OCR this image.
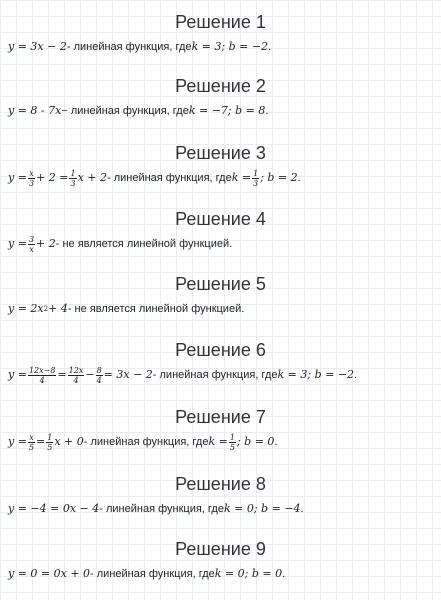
Решение 1
y = 3x − 2 - линейная функция, где k = 3; b = −2 .
Решение 2
y = 8 - 7x − линейная функция, где k = −7; b = 8 .
Решение 3
$y = \frac{x}{3} + 2 = \frac{1}{3}$ x + 2 - линейная функция, где $k = \frac{1}{3}$ ; b = 2 .
Решение 4
$y = \frac{3}{x} + 2$ - не является линейной функцией.
Решение 5
y = 2x 2 + 4 - не является линейной функцией.
Решение 6
$y = \frac{12x-8}{4} = \frac{12x}{4} - \frac{8}{4} = 3x - 2$ - линейная функция, где k = 3; b = −2 .
Решение 7
$y = \frac{x}{5} = \frac{1}{5}$ x + 0 - линейная функция, где $k = \frac{1}{5}$ ; b = 0 .
Решение 8
y = −4 = 0x − 4 - линейная функция, где k = 0; b = −4 .
Решение 9
y = 0 = 0x + 0 - линейная функция, где k = 0; b = 0 .
